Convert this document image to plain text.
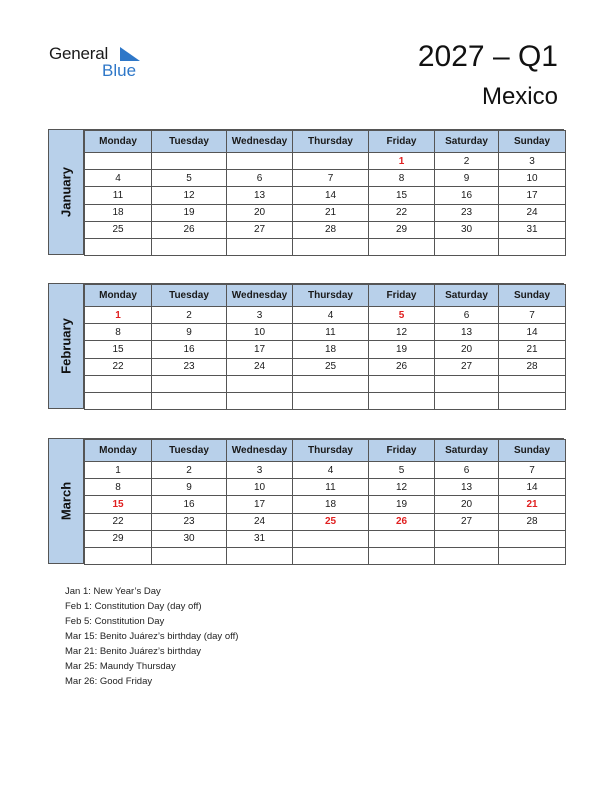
General
Blue	2027 – Q1
Mexico
January
Monday	Tuesday	Wednesday	Thursday	Friday	Saturday	Sunday
				1	2	3
4	5	6	7	8	9	10
11	12	13	14	15	16	17
18	19	20	21	22	23	24
25	26	27	28	29	30	31

February
Monday	Tuesday	Wednesday	Thursday	Friday	Saturday	Sunday
1	2	3	4	5	6	7
8	9	10	11	12	13	14
15	16	17	18	19	20	21
22	23	24	25	26	27	28

March
Monday	Tuesday	Wednesday	Thursday	Friday	Saturday	Sunday
1	2	3	4	5	6	7
8	9	10	11	12	13	14
15	16	17	18	19	20	21
22	23	24	25	26	27	28
29	30	31				

Jan 1: New Year’s Day
Feb 1: Constitution Day (day off)
Feb 5: Constitution Day
Mar 15: Benito Juárez’s birthday (day off)
Mar 21: Benito Juárez’s birthday
Mar 25: Maundy Thursday
Mar 26: Good Friday
